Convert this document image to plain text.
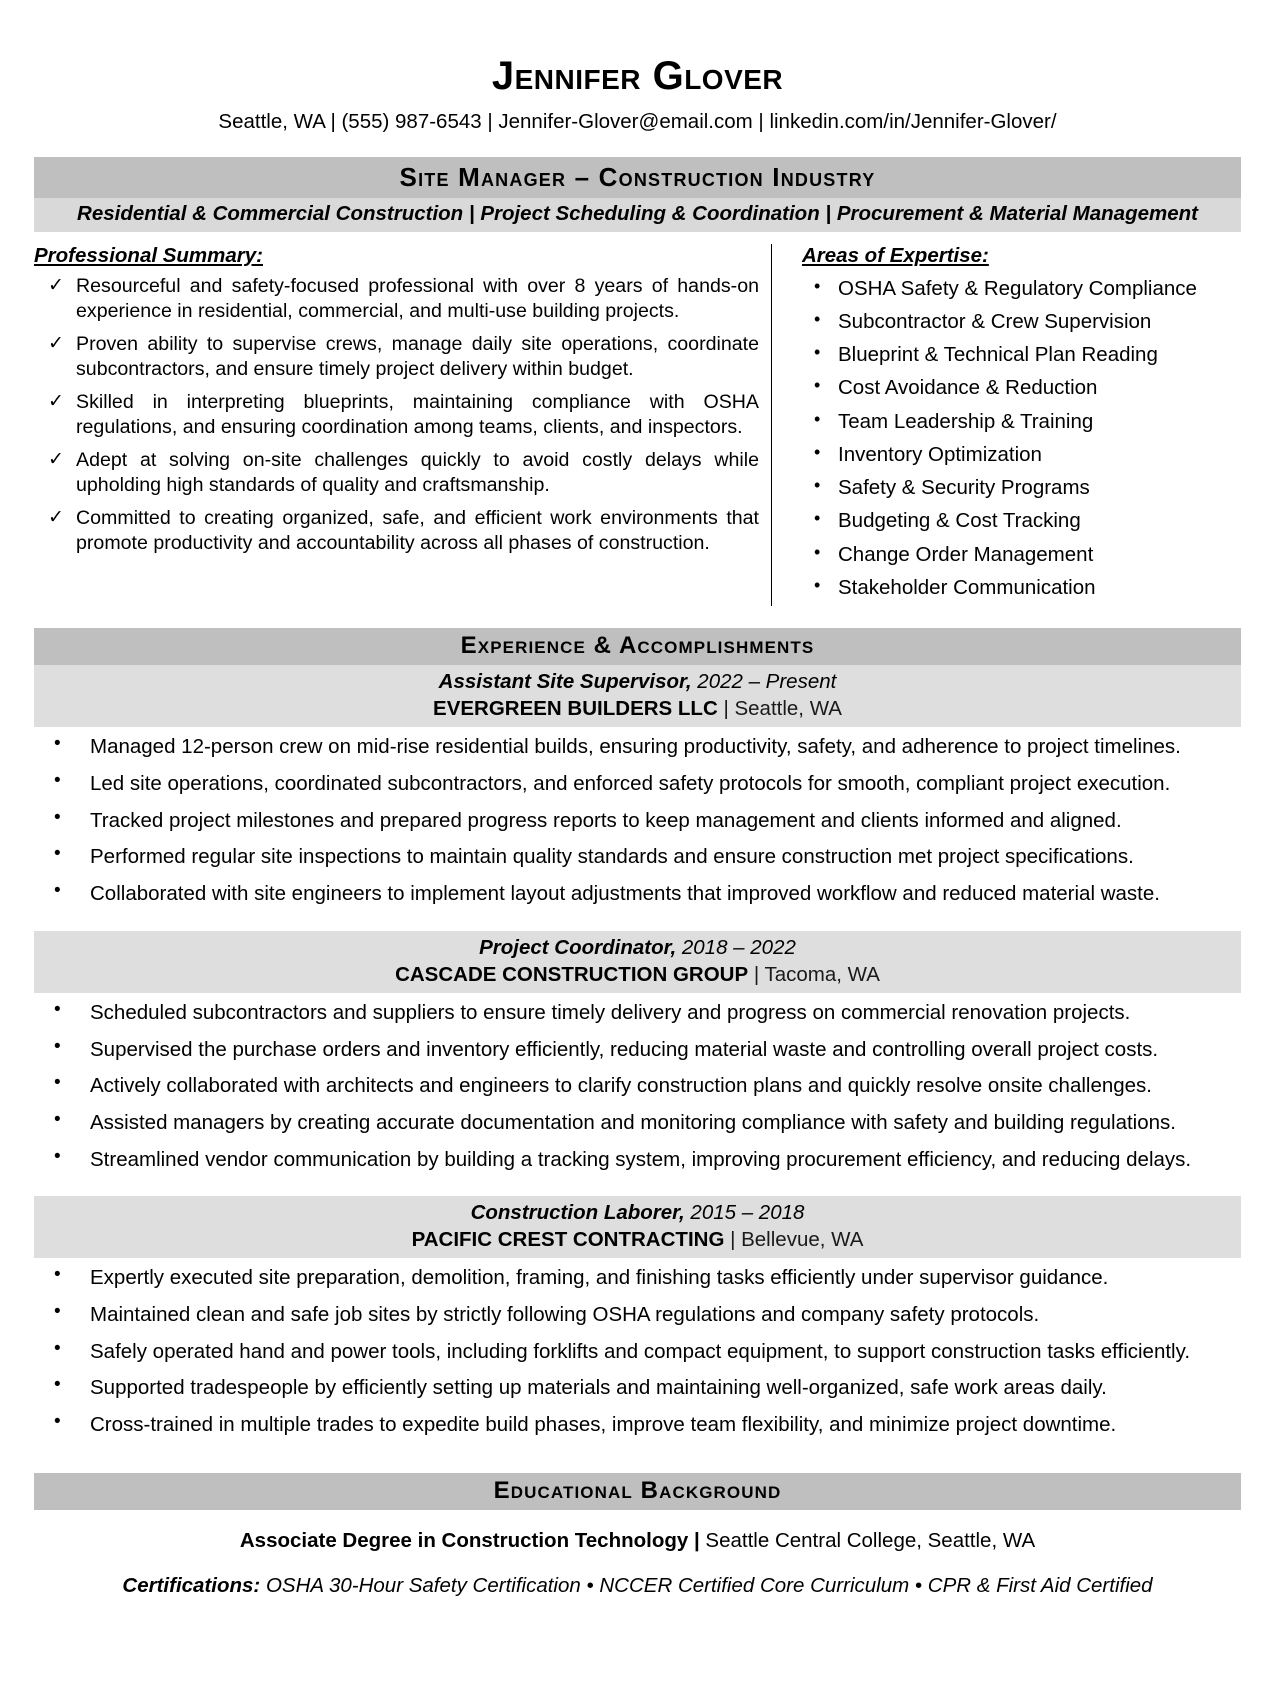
Jennifer Glover
Seattle, WA | (555) 987-6543 | Jennifer-Glover@email.com | linkedin.com/in/Jennifer-Glover/
Site Manager – Construction Industry
Residential & Commercial Construction | Project Scheduling & Coordination | Procurement & Material Management
Professional Summary:
✓ Resourceful and safety-focused professional with over 8 years of hands-on experience in residential, commercial, and multi-use building projects.
✓ Proven ability to supervise crews, manage daily site operations, coordinate subcontractors, and ensure timely project delivery within budget.
✓ Skilled in interpreting blueprints, maintaining compliance with OSHA regulations, and ensuring coordination among teams, clients, and inspectors.
✓ Adept at solving on-site challenges quickly to avoid costly delays while upholding high standards of quality and craftsmanship.
✓ Committed to creating organized, safe, and efficient work environments that promote productivity and accountability across all phases of construction.
Areas of Expertise:
• OSHA Safety & Regulatory Compliance
• Subcontractor & Crew Supervision
• Blueprint & Technical Plan Reading
• Cost Avoidance & Reduction
• Team Leadership & Training
• Inventory Optimization
• Safety & Security Programs
• Budgeting & Cost Tracking
• Change Order Management
• Stakeholder Communication
Experience & Accomplishments
Assistant Site Supervisor, 2022 – Present
EVERGREEN BUILDERS LLC | Seattle, WA
• Managed 12-person crew on mid-rise residential builds, ensuring productivity, safety, and adherence to project timelines.
• Led site operations, coordinated subcontractors, and enforced safety protocols for smooth, compliant project execution.
• Tracked project milestones and prepared progress reports to keep management and clients informed and aligned.
• Performed regular site inspections to maintain quality standards and ensure construction met project specifications.
• Collaborated with site engineers to implement layout adjustments that improved workflow and reduced material waste.
Project Coordinator, 2018 – 2022
CASCADE CONSTRUCTION GROUP | Tacoma, WA
• Scheduled subcontractors and suppliers to ensure timely delivery and progress on commercial renovation projects.
• Supervised the purchase orders and inventory efficiently, reducing material waste and controlling overall project costs.
• Actively collaborated with architects and engineers to clarify construction plans and quickly resolve onsite challenges.
• Assisted managers by creating accurate documentation and monitoring compliance with safety and building regulations.
• Streamlined vendor communication by building a tracking system, improving procurement efficiency, and reducing delays.
Construction Laborer, 2015 – 2018
PACIFIC CREST CONTRACTING | Bellevue, WA
• Expertly executed site preparation, demolition, framing, and finishing tasks efficiently under supervisor guidance.
• Maintained clean and safe job sites by strictly following OSHA regulations and company safety protocols.
• Safely operated hand and power tools, including forklifts and compact equipment, to support construction tasks efficiently.
• Supported tradespeople by efficiently setting up materials and maintaining well-organized, safe work areas daily.
• Cross-trained in multiple trades to expedite build phases, improve team flexibility, and minimize project downtime.
Educational Background
Associate Degree in Construction Technology | Seattle Central College, Seattle, WA
Certifications: OSHA 30-Hour Safety Certification • NCCER Certified Core Curriculum • CPR & First Aid Certified
